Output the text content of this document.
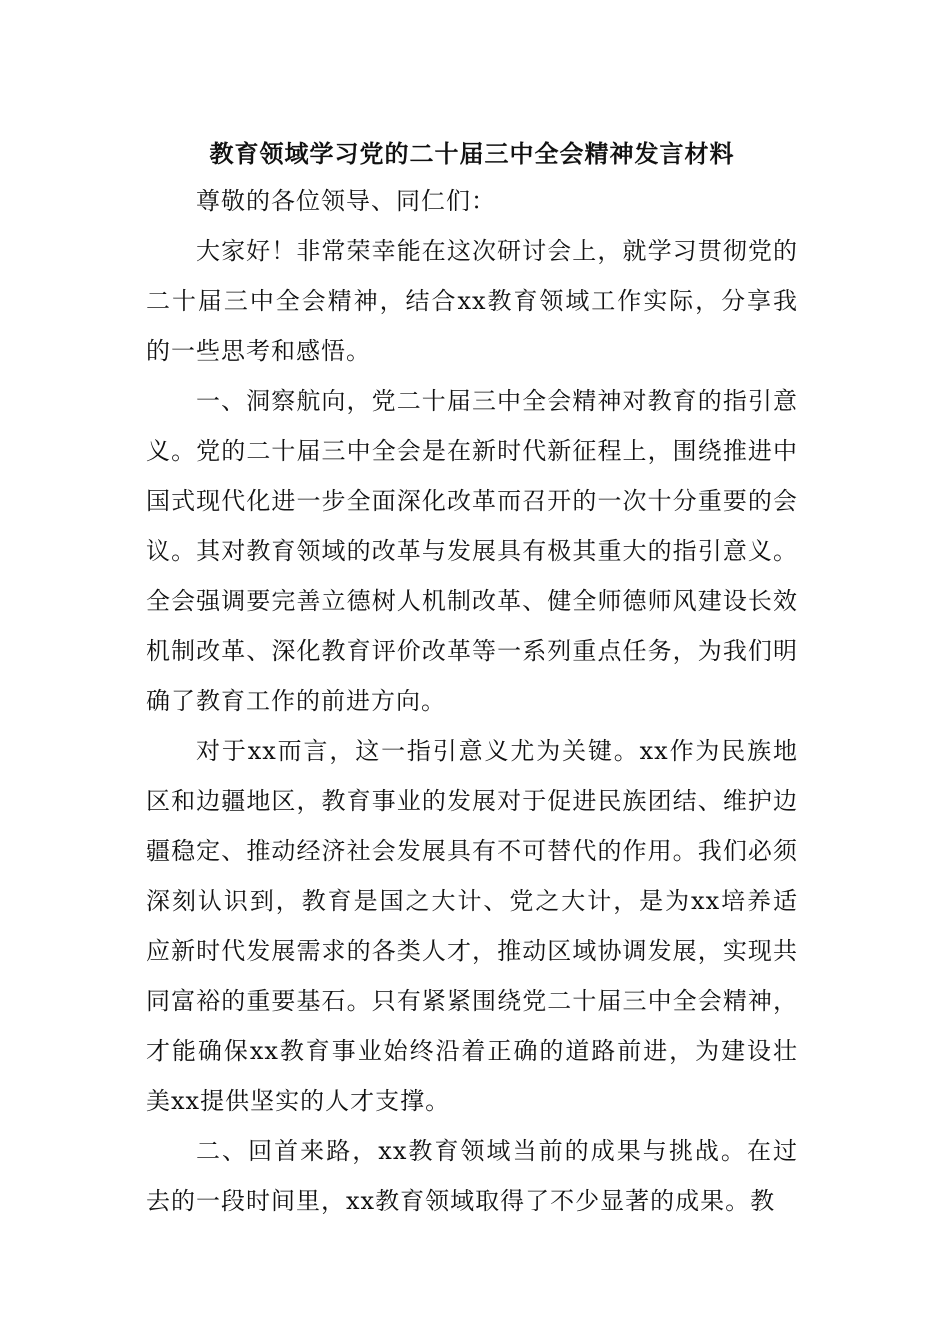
教育领域学习党的二十届三中全会精神发言材料

尊敬的各位领导、同仁们：

大家好！非常荣幸能在这次研讨会上，就学习贯彻党的二十届三中全会精神，结合xx教育领域工作实际，分享我的一些思考和感悟。

一、洞察航向，党二十届三中全会精神对教育的指引意义。党的二十届三中全会是在新时代新征程上，围绕推进中国式现代化进一步全面深化改革而召开的一次十分重要的会议。其对教育领域的改革与发展具有极其重大的指引意义。全会强调要完善立德树人机制改革、健全师德师风建设长效机制改革、深化教育评价改革等一系列重点任务，为我们明确了教育工作的前进方向。

对于xx而言，这一指引意义尤为关键。xx作为民族地区和边疆地区，教育事业的发展对于促进民族团结、维护边疆稳定、推动经济社会发展具有不可替代的作用。我们必须深刻认识到，教育是国之大计、党之大计，是为xx培养适应新时代发展需求的各类人才，推动区域协调发展，实现共同富裕的重要基石。只有紧紧围绕党二十届三中全会精神，才能确保xx教育事业始终沿着正确的道路前进，为建设壮美xx提供坚实的人才支撑。

二、回首来路，xx教育领域当前的成果与挑战。在过去的一段时间里，xx教育领域取得了不少显著的成果。教
